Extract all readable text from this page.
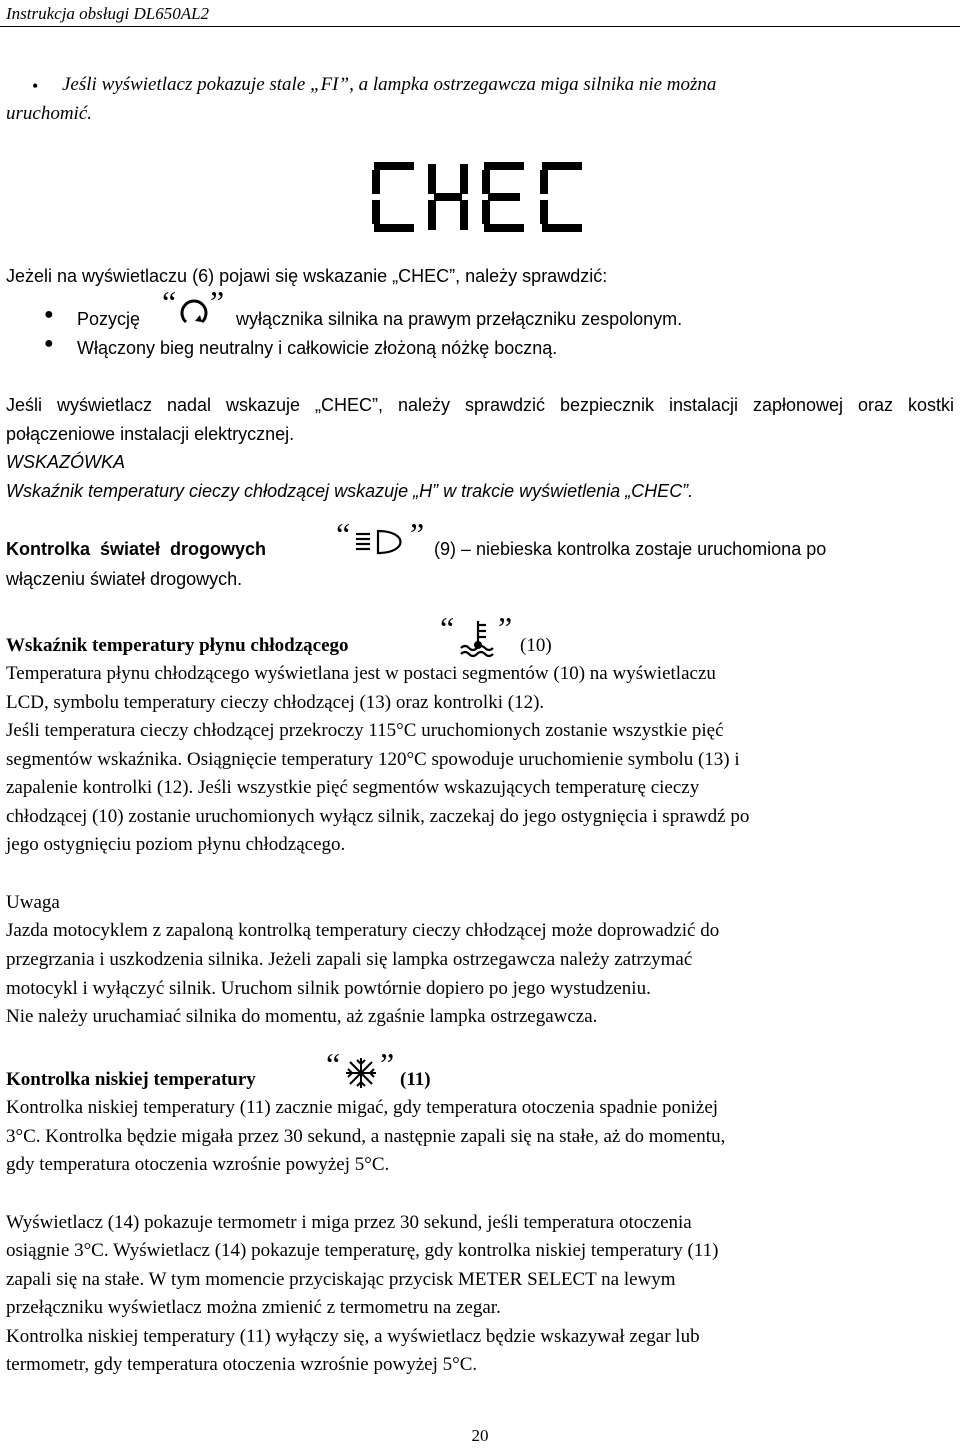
Instrukcja obsługi DL650AL2
• Jeśli wyświetlacz pokazuje stale „FI”, a lampka ostrzegawcza miga silnika nie można
uruchomić.
Jeżeli na wyświetlaczu (6) pojawi się wskazanie „CHEC”, należy sprawdzić:
● Pozycję “ ” wyłącznika silnika na prawym przełączniku zespolonym.
● Włączony bieg neutralny i całkowicie złożoną nóżkę boczną.
Jeśli wyświetlacz nadal wskazuje „CHEC”, należy sprawdzić bezpiecznik instalacji zapłonowej oraz kostki połączeniowe instalacji elektrycznej.
WSKAZÓWKA
Wskaźnik temperatury cieczy chłodzącej wskazuje „H” w trakcie wyświetlenia „CHEC”.
Kontrolka świateł drogowych “ ” (9) – niebieska kontrolka zostaje uruchomiona po
włączeniu świateł drogowych.
Wskaźnik temperatury płynu chłodzącego	“ ” (10)
Temperatura płynu chłodzącego wyświetlana jest w postaci segmentów (10) na wyświetlaczu
LCD, symbolu temperatury cieczy chłodzącej (13) oraz kontrolki (12).
Jeśli temperatura cieczy chłodzącej przekroczy 115°C uruchomionych zostanie wszystkie pięć
segmentów wskaźnika. Osiągnięcie temperatury 120°C spowoduje uruchomienie symbolu (13) i
zapalenie kontrolki (12). Jeśli wszystkie pięć segmentów wskazujących temperaturę cieczy
chłodzącej (10) zostanie uruchomionych wyłącz silnik, zaczekaj do jego ostygnięcia i sprawdź po
jego ostygnięciu poziom płynu chłodzącego.
Uwaga
Jazda motocyklem z zapaloną kontrolką temperatury cieczy chłodzącej może doprowadzić do
przegrzania i uszkodzenia silnika. Jeżeli zapali się lampka ostrzegawcza należy zatrzymać
motocykl i wyłączyć silnik. Uruchom silnik powtórnie dopiero po jego wystudzeniu.
Nie należy uruchamiać silnika do momentu, aż zgaśnie lampka ostrzegawcza.
Kontrolka niskiej temperatury “ ” (11)
Kontrolka niskiej temperatury (11) zacznie migać, gdy temperatura otoczenia spadnie poniżej
3°C. Kontrolka będzie migała przez 30 sekund, a następnie zapali się na stałe, aż do momentu,
gdy temperatura otoczenia wzrośnie powyżej 5°C.
Wyświetlacz (14) pokazuje termometr i miga przez 30 sekund, jeśli temperatura otoczenia
osiągnie 3°C. Wyświetlacz (14) pokazuje temperaturę, gdy kontrolka niskiej temperatury (11)
zapali się na stałe. W tym momencie przyciskając przycisk METER SELECT na lewym
przełączniku wyświetlacz można zmienić z termometru na zegar.
Kontrolka niskiej temperatury (11) wyłączy się, a wyświetlacz będzie wskazywał zegar lub
termometr, gdy temperatura otoczenia wzrośnie powyżej 5°C.
20
